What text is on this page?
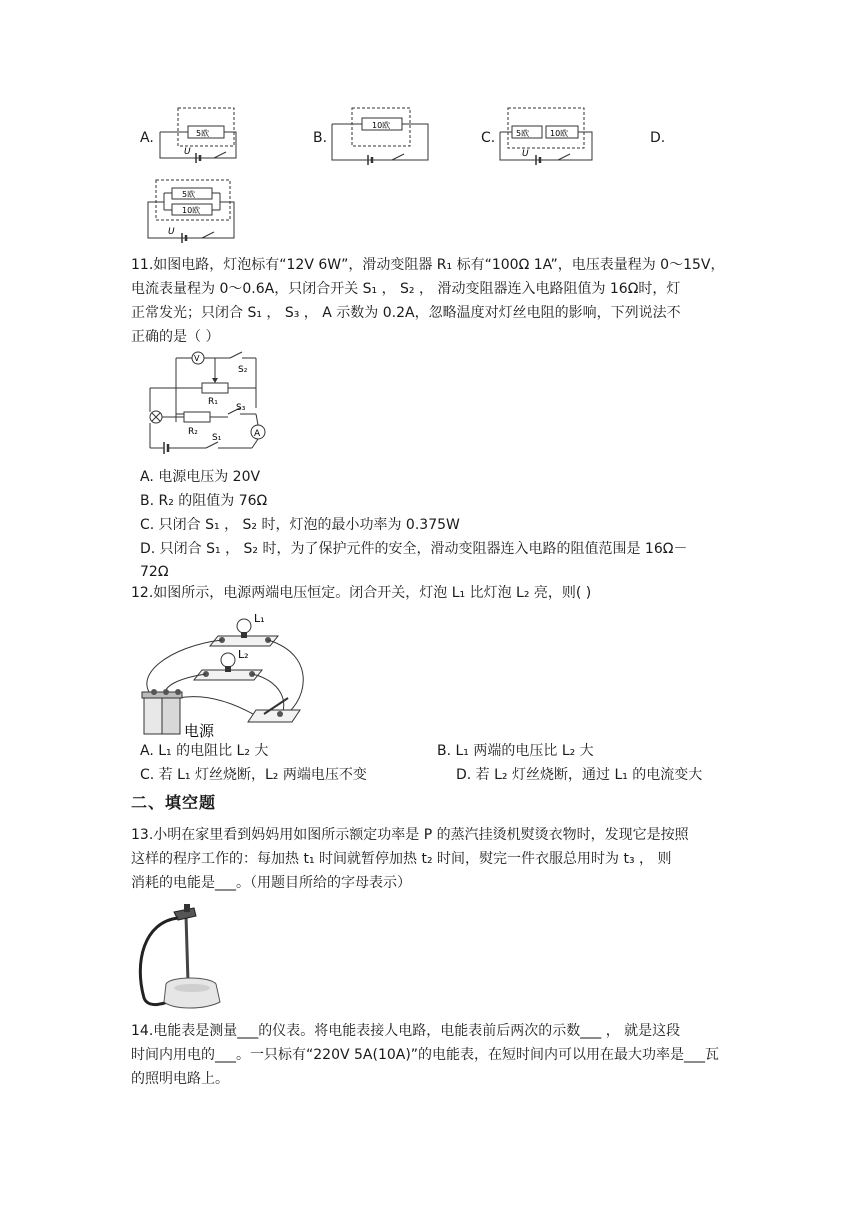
A.	5欧
U
B.
10欧
C.	5欧	10欧
U
D.
5欧
10欧
U
11.如图电路，灯泡标有“12V 6W”，滑动变阻器 R₁ 标有“100Ω 1A”，电压表量程为 0～15V，
电流表量程为 0～0.6A，只闭合开关 S₁ ， S₂ ， 滑动变阻器连入电路阻值为 16Ω时，灯
正常发光；只闭合 S₁ ， S₃ ， A 示数为 0.2A，忽略温度对灯丝电阻的影响，下列说法不
正确的是（ ）
V
S₂
R₁
S₃
R₂
S₁	A
A. 电源电压为 20V
B. R₂ 的阻值为 76Ω
C. 只闭合 S₁ ， S₂ 时，灯泡的最小功率为 0.375W
D. 只闭合 S₁ ， S₂ 时，为了保护元件的安全，滑动变阻器连入电路的阻值范围是 16Ω－
72Ω
12.如图所示，电源两端电压恒定。闭合开关，灯泡 L₁ 比灯泡 L₂ 亮，则( )
L₁
L₂
电源
A. L₁ 的电阻比 L₂ 大	B. L₁ 两端的电压比 L₂ 大
C. 若 L₁ 灯丝烧断，L₂ 两端电压不变	D. 若 L₂ 灯丝烧断，通过 L₁ 的电流变大
二、填空题
13.小明在家里看到妈妈用如图所示额定功率是 P 的蒸汽挂烫机熨烫衣物时，发现它是按照
这样的程序工作的：每加热 t₁ 时间就暂停加热 t₂ 时间，熨完一件衣服总用时为 t₃ ， 则
消耗的电能是___。（用题目所给的字母表示）
14.电能表是测量___的仪表。将电能表接人电路，电能表前后两次的示数___ ， 就是这段
时间内用电的___。一只标有“220V 5A(10A)”的电能表，在短时间内可以用在最大功率是___瓦
的照明电路上。
